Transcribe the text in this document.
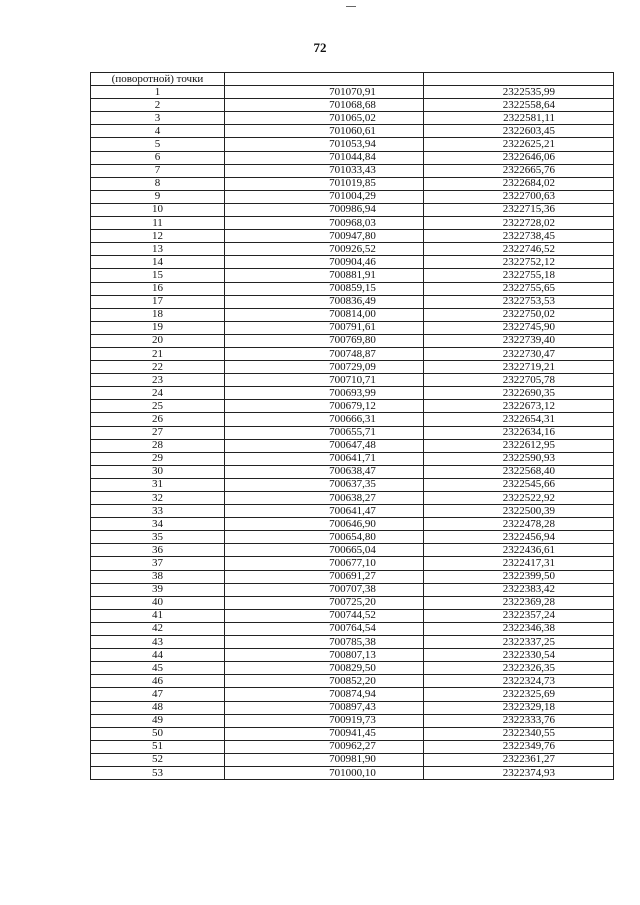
72
(поворотной) точки		
1	701070,91	2322535,99
2	701068,68	2322558,64
3	701065,02	2322581,11
4	701060,61	2322603,45
5	701053,94	2322625,21
6	701044,84	2322646,06
7	701033,43	2322665,76
8	701019,85	2322684,02
9	701004,29	2322700,63
10	700986,94	2322715,36
11	700968,03	2322728,02
12	700947,80	2322738,45
13	700926,52	2322746,52
14	700904,46	2322752,12
15	700881,91	2322755,18
16	700859,15	2322755,65
17	700836,49	2322753,53
18	700814,00	2322750,02
19	700791,61	2322745,90
20	700769,80	2322739,40
21	700748,87	2322730,47
22	700729,09	2322719,21
23	700710,71	2322705,78
24	700693,99	2322690,35
25	700679,12	2322673,12
26	700666,31	2322654,31
27	700655,71	2322634,16
28	700647,48	2322612,95
29	700641,71	2322590,93
30	700638,47	2322568,40
31	700637,35	2322545,66
32	700638,27	2322522,92
33	700641,47	2322500,39
34	700646,90	2322478,28
35	700654,80	2322456,94
36	700665,04	2322436,61
37	700677,10	2322417,31
38	700691,27	2322399,50
39	700707,38	2322383,42
40	700725,20	2322369,28
41	700744,52	2322357,24
42	700764,54	2322346,38
43	700785,38	2322337,25
44	700807,13	2322330,54
45	700829,50	2322326,35
46	700852,20	2322324,73
47	700874,94	2322325,69
48	700897,43	2322329,18
49	700919,73	2322333,76
50	700941,45	2322340,55
51	700962,27	2322349,76
52	700981,90	2322361,27
53	701000,10	2322374,93
